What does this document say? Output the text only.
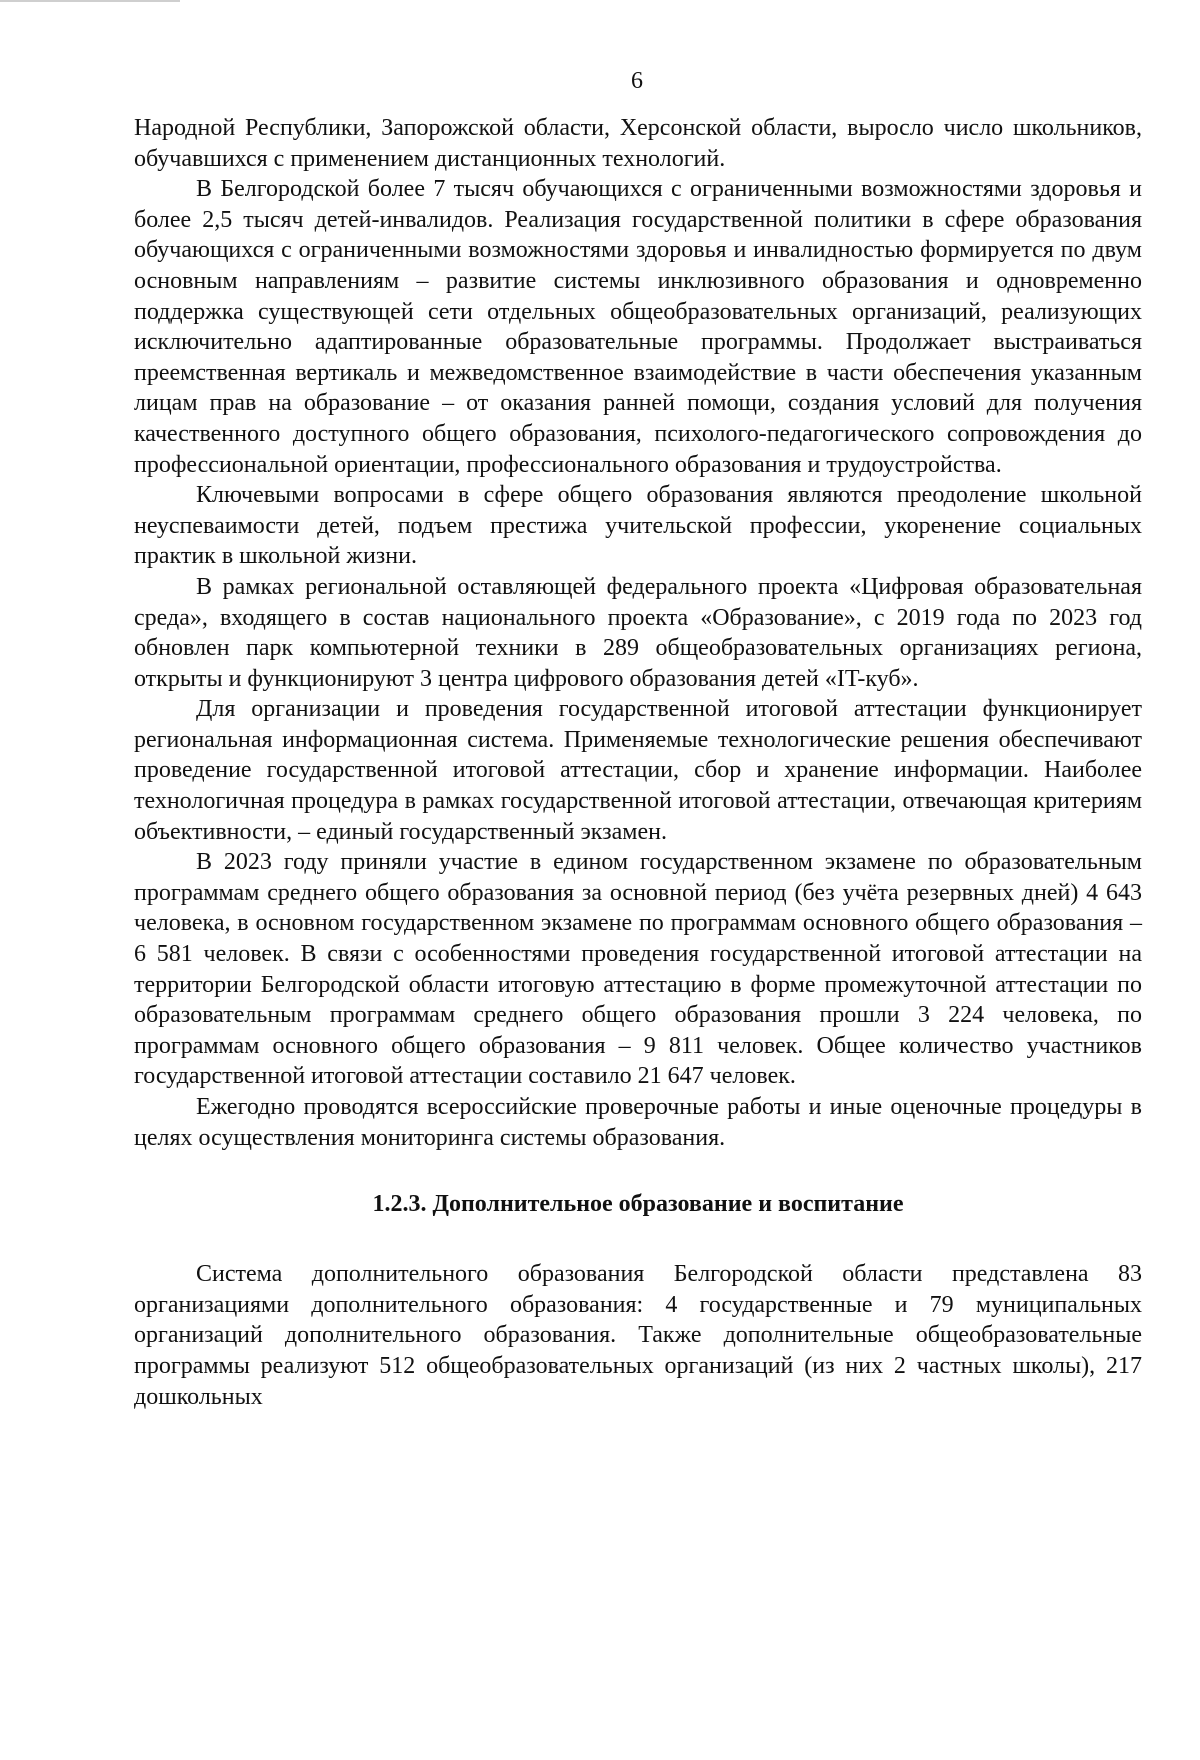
6

Народной Республики, Запорожской области, Херсонской области, выросло число школьников, обучавшихся с применением дистанционных технологий.

В Белгородской более 7 тысяч обучающихся с ограниченными возможностями здоровья и более 2,5 тысяч детей-инвалидов. Реализация государственной политики в сфере образования обучающихся с ограниченными возможностями здоровья и инвалидностью формируется по двум основным направлениям – развитие системы инклюзивного образования и одновременно поддержка существующей сети отдельных общеобразовательных организаций, реализующих исключительно адаптированные образовательные программы. Продолжает выстраиваться преемственная вертикаль и межведомственное взаимодействие в части обеспечения указанным лицам прав на образование – от оказания ранней помощи, создания условий для получения качественного доступного общего образования, психолого-педагогического сопровождения до профессиональной ориентации, профессионального образования и трудоустройства.

Ключевыми вопросами в сфере общего образования являются преодоление школьной неуспеваимости детей, подъем престижа учительской профессии, укоренение социальных практик в школьной жизни.

В рамках региональной оставляющей федерального проекта «Цифровая образовательная среда», входящего в состав национального проекта «Образование», с 2019 года по 2023 год обновлен парк компьютерной техники в 289 общеобразовательных организациях региона, открыты и функционируют 3 центра цифрового образования детей «IT-куб».

Для организации и проведения государственной итоговой аттестации функционирует региональная информационная система. Применяемые технологические решения обеспечивают проведение государственной итоговой аттестации, сбор и хранение информации. Наиболее технологичная процедура в рамках государственной итоговой аттестации, отвечающая критериям объективности, – единый государственный экзамен.

В 2023 году приняли участие в едином государственном экзамене по образовательным программам среднего общего образования за основной период (без учёта резервных дней) 4 643 человека, в основном государственном экзамене по программам основного общего образования – 6 581 человек. В связи с особенностями проведения государственной итоговой аттестации на территории Белгородской области итоговую аттестацию в форме промежуточной аттестации по образовательным программам среднего общего образования прошли 3 224 человека, по программам основного общего образования – 9 811 человек. Общее количество участников государственной итоговой аттестации составило 21 647 человек.

Ежегодно проводятся всероссийские проверочные работы и иные оценочные процедуры в целях осуществления мониторинга системы образования.

1.2.3. Дополнительное образование и воспитание

Система дополнительного образования Белгородской области представлена 83 организациями дополнительного образования: 4 государственные и 79 муниципальных организаций дополнительного образования. Также дополнительные общеобразовательные программы реализуют 512 общеобразовательных организаций (из них 2 частных школы), 217 дошкольных
